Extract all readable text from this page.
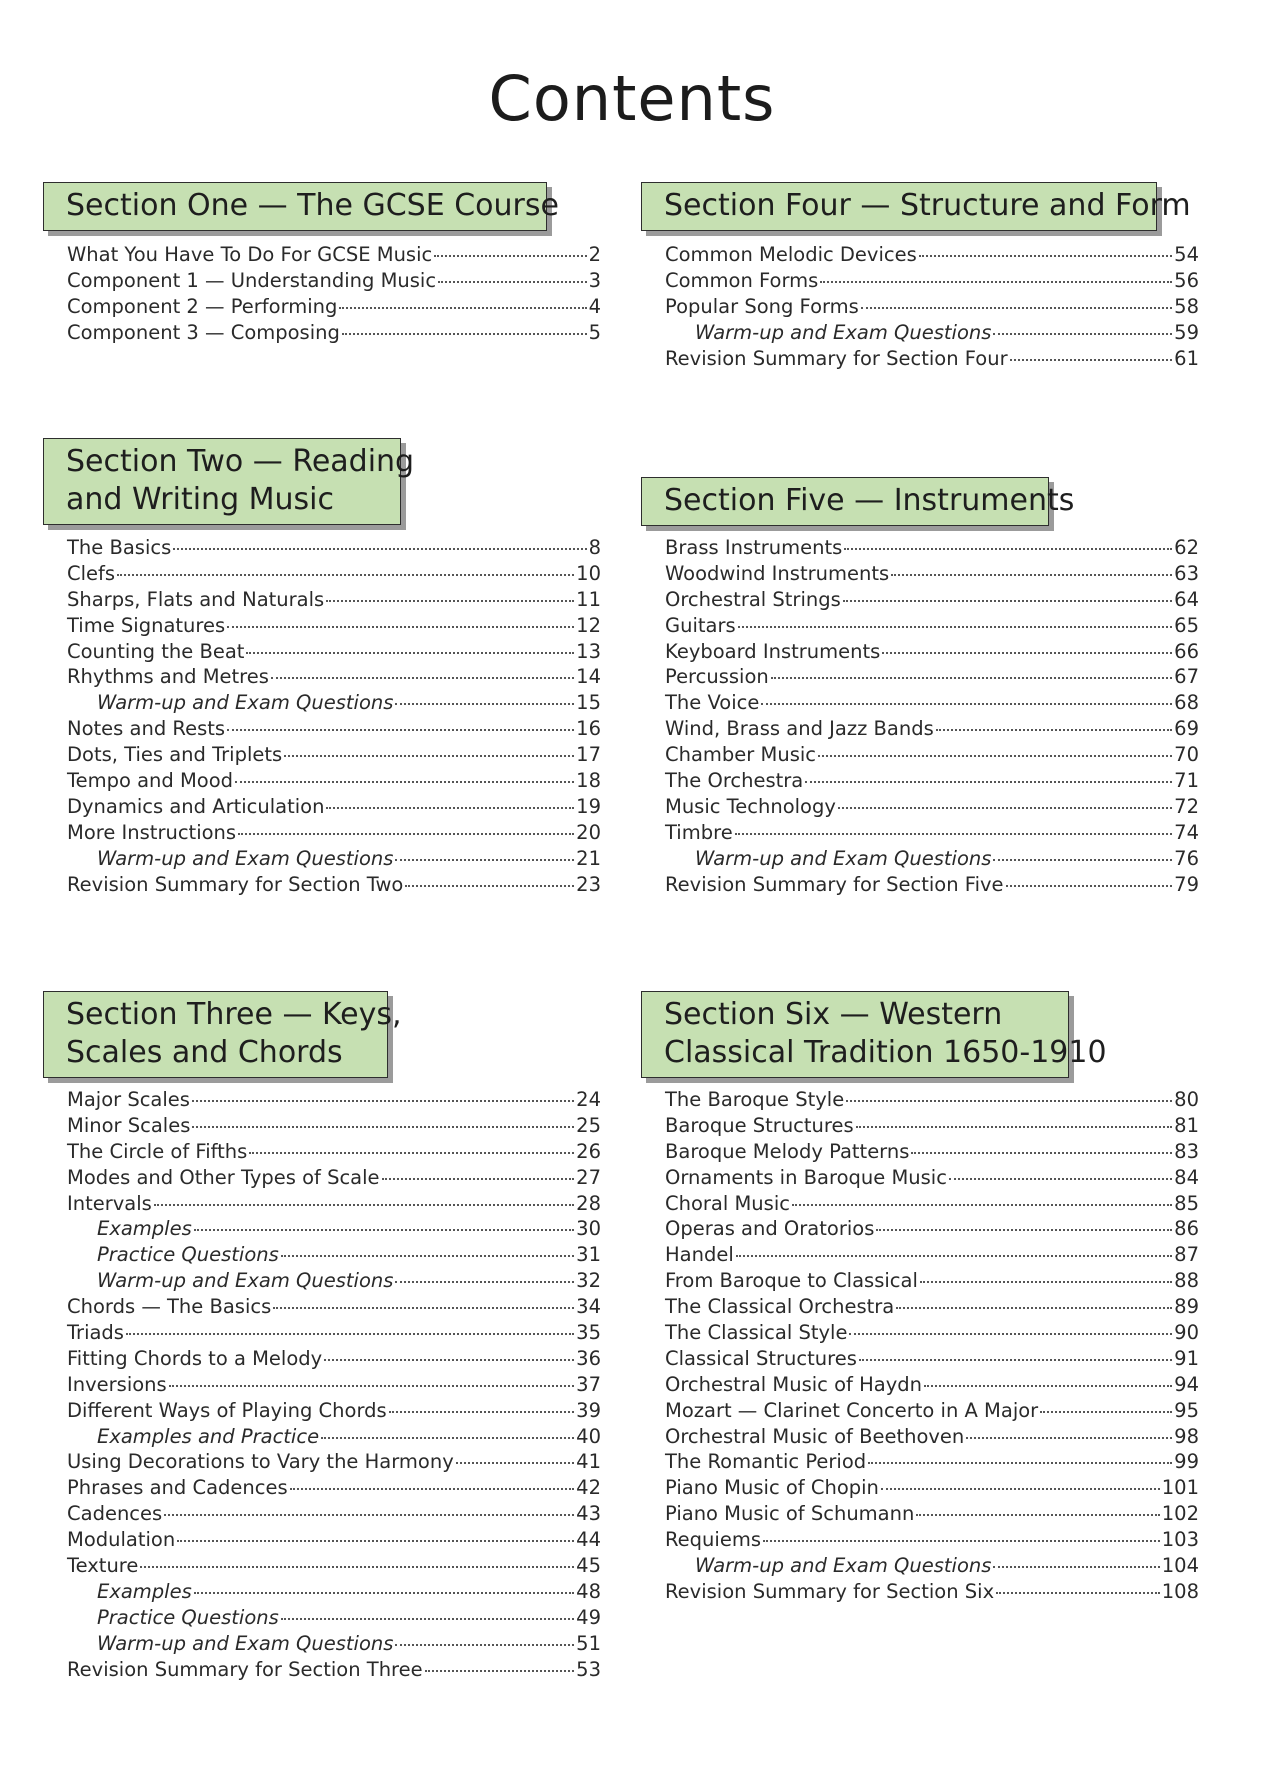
Contents
Section One — The GCSE Course
What You Have To Do For GCSE Music	2
Component 1 — Understanding Music	3
Component 2 — Performing	4
Component 3 — Composing	5
Section Four — Structure and Form
Common Melodic Devices	54
Common Forms	56
Popular Song Forms	58
Warm-up and Exam Questions	59
Revision Summary for Section Four	61
Section Two — Reading
and Writing Music
The Basics	8
Clefs	10
Sharps, Flats and Naturals	11
Time Signatures	12
Counting the Beat	13
Rhythms and Metres	14
Warm-up and Exam Questions	15
Notes and Rests	16
Dots, Ties and Triplets	17
Tempo and Mood	18
Dynamics and Articulation	19
More Instructions	20
Warm-up and Exam Questions	21
Revision Summary for Section Two	23
Section Five — Instruments
Brass Instruments	62
Woodwind Instruments	63
Orchestral Strings	64
Guitars	65
Keyboard Instruments	66
Percussion	67
The Voice	68
Wind, Brass and Jazz Bands	69
Chamber Music	70
The Orchestra	71
Music Technology	72
Timbre	74
Warm-up and Exam Questions	76
Revision Summary for Section Five	79
Section Three — Keys,
Scales and Chords
Major Scales	24
Minor Scales	25
The Circle of Fifths	26
Modes and Other Types of Scale	27
Intervals	28
Examples	30
Practice Questions	31
Warm-up and Exam Questions	32
Chords — The Basics	34
Triads	35
Fitting Chords to a Melody	36
Inversions	37
Different Ways of Playing Chords	39
Examples and Practice	40
Using Decorations to Vary the Harmony	41
Phrases and Cadences	42
Cadences	43
Modulation	44
Texture	45
Examples	48
Practice Questions	49
Warm-up and Exam Questions	51
Revision Summary for Section Three	53
Section Six — Western
Classical Tradition 1650-1910
The Baroque Style	80
Baroque Structures	81
Baroque Melody Patterns	83
Ornaments in Baroque Music	84
Choral Music	85
Operas and Oratorios	86
Handel	87
From Baroque to Classical	88
The Classical Orchestra	89
The Classical Style	90
Classical Structures	91
Orchestral Music of Haydn	94
Mozart — Clarinet Concerto in A Major	95
Orchestral Music of Beethoven	98
The Romantic Period	99
Piano Music of Chopin	101
Piano Music of Schumann	102
Requiems	103
Warm-up and Exam Questions	104
Revision Summary for Section Six	108
